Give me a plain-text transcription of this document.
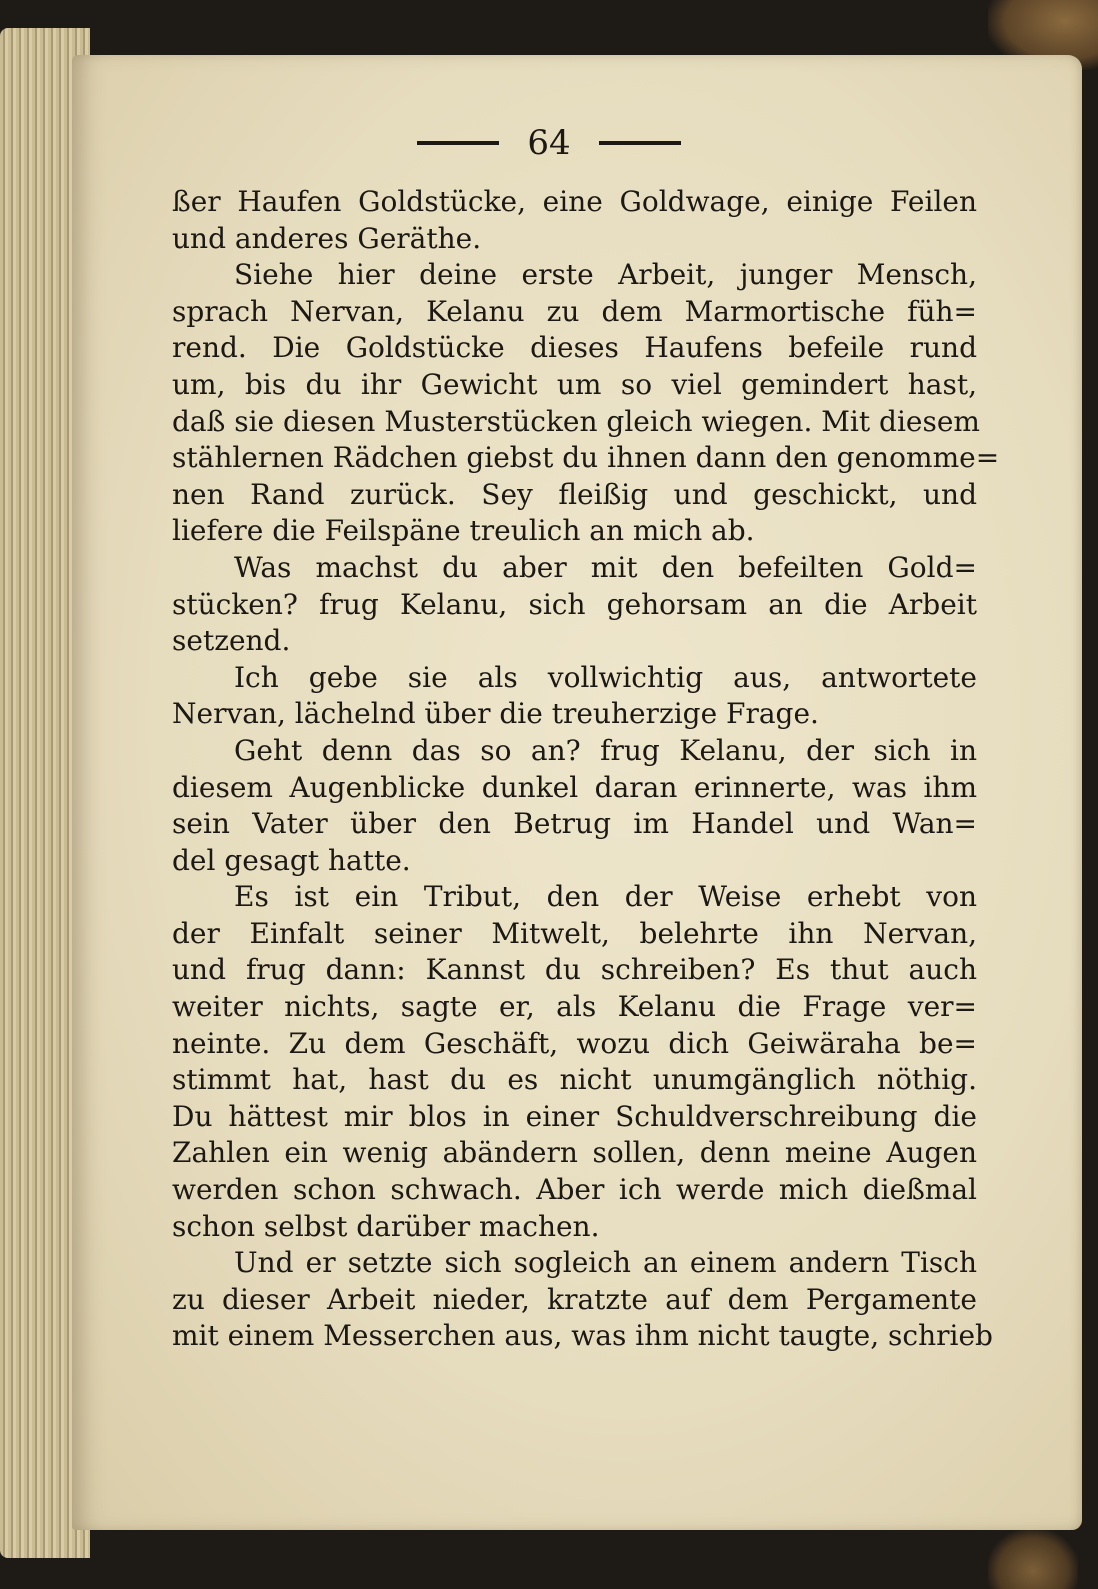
64
ßer Haufen Goldstücke, eine Goldwage, einige Feilen
und anderes Geräthe.
Siehe hier deine erste Arbeit, junger Mensch,
sprach Nervan, Kelanu zu dem Marmortische füh=
rend. Die Goldstücke dieses Haufens befeile rund
um, bis du ihr Gewicht um so viel gemindert hast,
daß sie diesen Musterstücken gleich wiegen. Mit diesem
stählernen Rädchen giebst du ihnen dann den genomme=
nen Rand zurück. Sey fleißig und geschickt, und
liefere die Feilspäne treulich an mich ab.
Was machst du aber mit den befeilten Gold=
stücken? frug Kelanu, sich gehorsam an die Arbeit
setzend.
Ich gebe sie als vollwichtig aus, antwortete
Nervan, lächelnd über die treuherzige Frage.
Geht denn das so an? frug Kelanu, der sich in
diesem Augenblicke dunkel daran erinnerte, was ihm
sein Vater über den Betrug im Handel und Wan=
del gesagt hatte.
Es ist ein Tribut, den der Weise erhebt von
der Einfalt seiner Mitwelt, belehrte ihn Nervan,
und frug dann: Kannst du schreiben? Es thut auch
weiter nichts, sagte er, als Kelanu die Frage ver=
neinte. Zu dem Geschäft, wozu dich Geiwäraha be=
stimmt hat, hast du es nicht unumgänglich nöthig.
Du hättest mir blos in einer Schuldverschreibung die
Zahlen ein wenig abändern sollen, denn meine Augen
werden schon schwach. Aber ich werde mich dießmal
schon selbst darüber machen.
Und er setzte sich sogleich an einem andern Tisch
zu dieser Arbeit nieder, kratzte auf dem Pergamente
mit einem Messerchen aus, was ihm nicht taugte, schrieb
